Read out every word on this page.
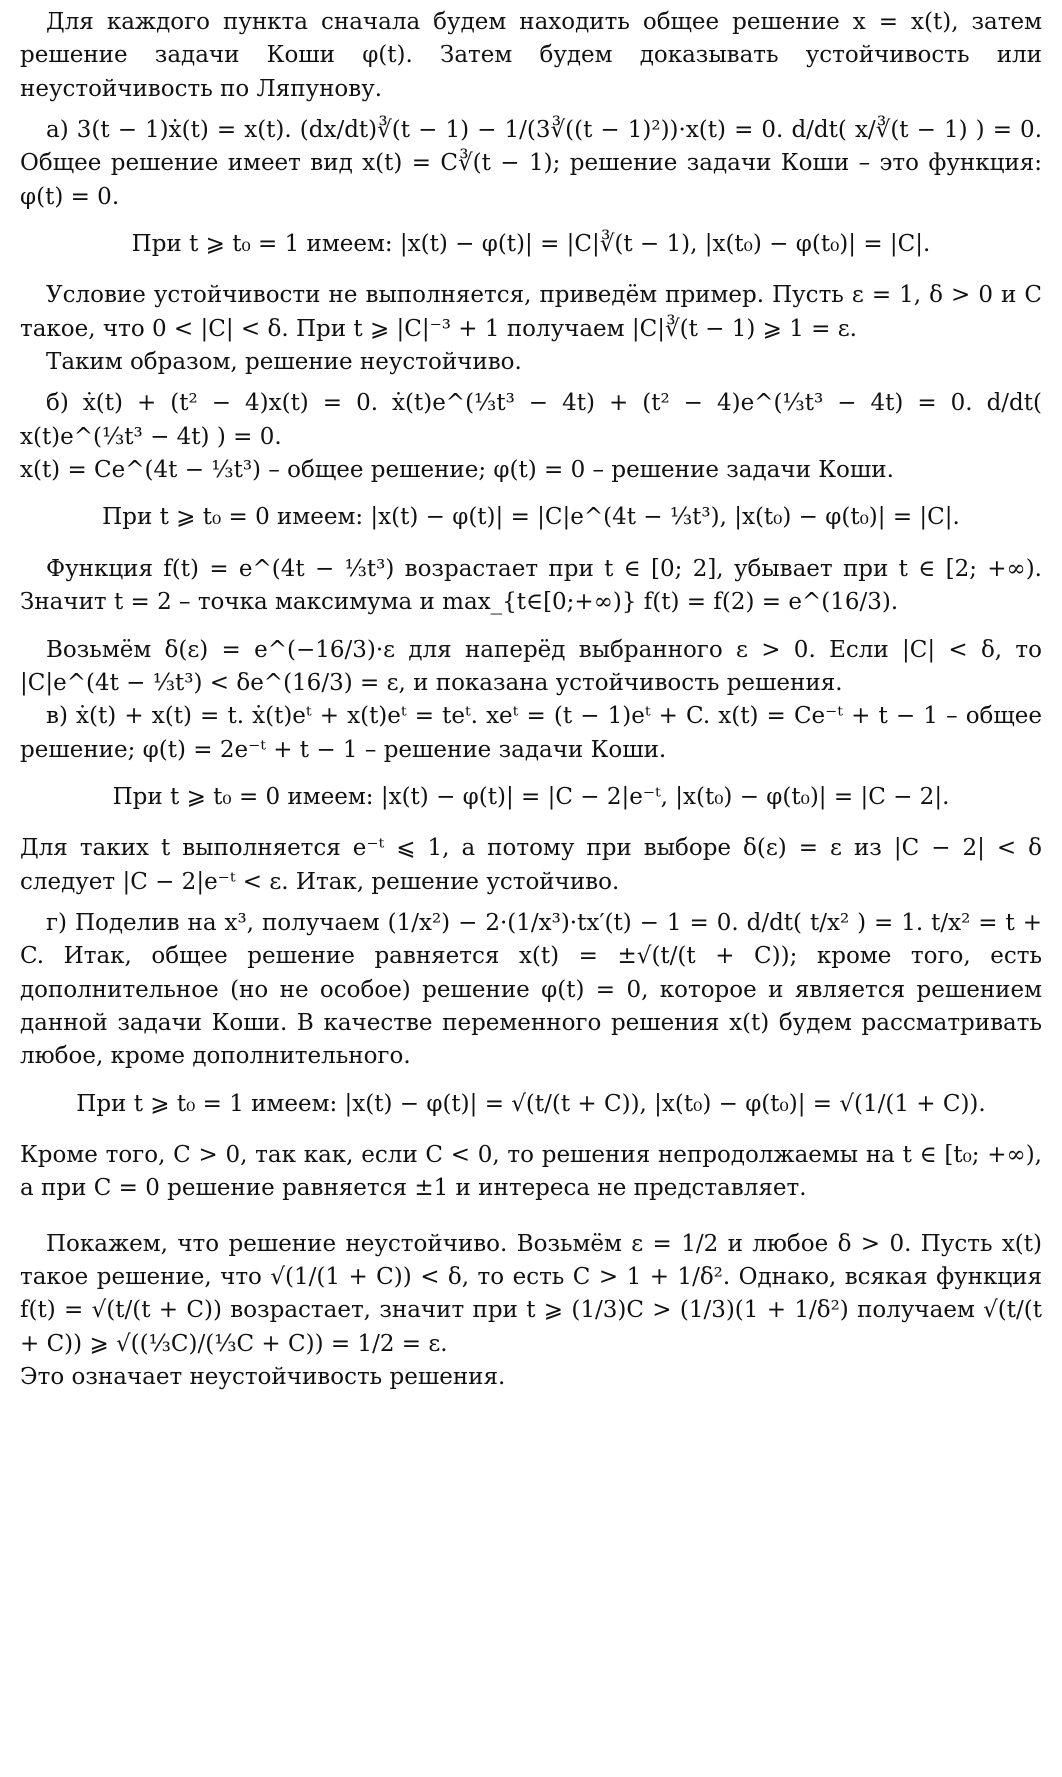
Для каждого пункта сначала будем находить общее решение x = x(t), затем решение задачи Коши φ(t). Затем будем доказывать устойчивость или неустойчивость по Ляпунову.

а) 3(t − 1)ẋ(t) = x(t). (dx/dt)∛(t − 1) − 1/(3∛((t − 1)²))·x(t) = 0. d/dt( x/∛(t − 1) ) = 0. Общее решение имеет вид x(t) = C∛(t − 1); решение задачи Коши – это функция: φ(t) = 0.

При t ⩾ t₀ = 1 имеем: |x(t) − φ(t)| = |C|∛(t − 1), |x(t₀) − φ(t₀)| = |C|.

Условие устойчивости не выполняется, приведём пример. Пусть ε = 1, δ > 0 и C такое, что 0 < |C| < δ. При t ⩾ |C|⁻³ + 1 получаем |C|∛(t − 1) ⩾ 1 = ε.

Таким образом, решение неустойчиво.

б) ẋ(t) + (t² − 4)x(t) = 0. ẋ(t)e^(⅓t³ − 4t) + (t² − 4)e^(⅓t³ − 4t) = 0. d/dt( x(t)e^(⅓t³ − 4t) ) = 0.

x(t) = Ce^(4t − ⅓t³) – общее решение; φ(t) = 0 – решение задачи Коши.

При t ⩾ t₀ = 0 имеем: |x(t) − φ(t)| = |C|e^(4t − ⅓t³), |x(t₀) − φ(t₀)| = |C|.

Функция f(t) = e^(4t − ⅓t³) возрастает при t ∈ [0; 2], убывает при t ∈ [2; +∞). Значит t = 2 – точка максимума и max_{t∈[0;+∞)} f(t) = f(2) = e^(16/3).

Возьмём δ(ε) = e^(−16/3)·ε для наперёд выбранного ε > 0. Если |C| < δ, то |C|e^(4t − ⅓t³) < δe^(16/3) = ε, и показана устойчивость решения.

в) ẋ(t) + x(t) = t. ẋ(t)eᵗ + x(t)eᵗ = teᵗ. xeᵗ = (t − 1)eᵗ + C. x(t) = Ce⁻ᵗ + t − 1 – общее решение; φ(t) = 2e⁻ᵗ + t − 1 – решение задачи Коши.

При t ⩾ t₀ = 0 имеем: |x(t) − φ(t)| = |C − 2|e⁻ᵗ, |x(t₀) − φ(t₀)| = |C − 2|.

Для таких t выполняется e⁻ᵗ ⩽ 1, а потому при выборе δ(ε) = ε из |C − 2| < δ следует |C − 2|e⁻ᵗ < ε. Итак, решение устойчиво.

г) Поделив на x³, получаем (1/x²) − 2·(1/x³)·tx′(t) − 1 = 0. d/dt( t/x² ) = 1. t/x² = t + C. Итак, общее решение равняется x(t) = ±√(t/(t + C)); кроме того, есть дополнительное (но не особое) решение φ(t) = 0, которое и является решением данной задачи Коши. В качестве переменного решения x(t) будем рассматривать любое, кроме дополнительного.

При t ⩾ t₀ = 1 имеем: |x(t) − φ(t)| = √(t/(t + C)), |x(t₀) − φ(t₀)| = √(1/(1 + C)).

Кроме того, C > 0, так как, если C < 0, то решения непродолжаемы на t ∈ [t₀; +∞), а при C = 0 решение равняется ±1 и интереса не представляет.

Покажем, что решение неустойчиво. Возьмём ε = 1/2 и любое δ > 0. Пусть x(t) такое решение, что √(1/(1 + C)) < δ, то есть C > 1 + 1/δ². Однако, всякая функция f(t) = √(t/(t + C)) возрастает, значит при t ⩾ (1/3)C > (1/3)(1 + 1/δ²) получаем √(t/(t + C)) ⩾ √((⅓C)/(⅓C + C)) = 1/2 = ε.

Это означает неустойчивость решения.
